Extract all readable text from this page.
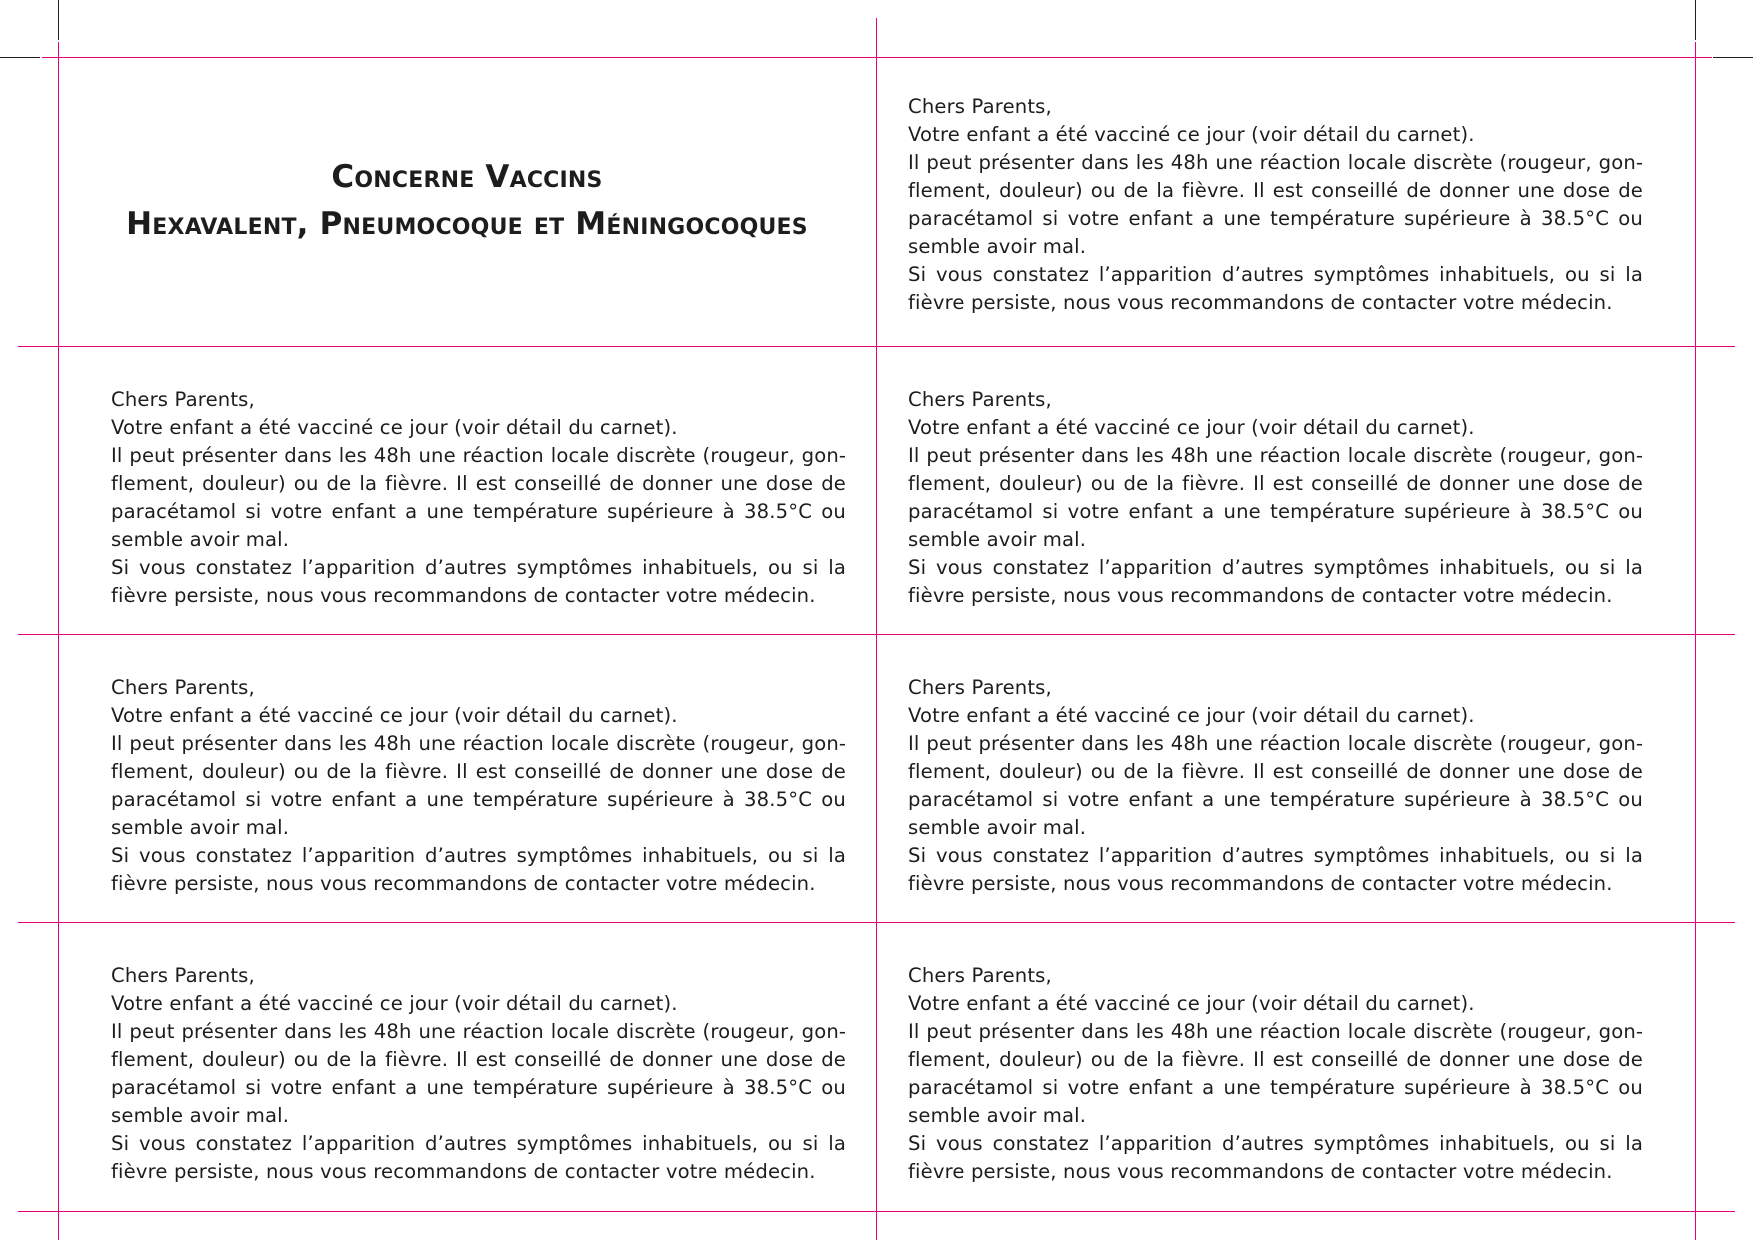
Concerne Vaccins
Hexavalent, Pneumocoque et Méningocoques

Chers Parents,

Votre enfant a été vacciné ce jour (voir détail du carnet).

Il peut présenter dans les 48h une réaction locale discrète (rougeur, gonflement, douleur) ou de la fièvre. Il est conseillé de donner une dose de paracétamol si votre enfant a une température supérieure à 38.5°C ou semble avoir mal.

Si vous constatez l’apparition d’autres symptômes inhabituels, ou si la fièvre persiste, nous vous recommandons de contacter votre médecin.

Chers Parents,

Votre enfant a été vacciné ce jour (voir détail du carnet).

Il peut présenter dans les 48h une réaction locale discrète (rougeur, gonflement, douleur) ou de la fièvre. Il est conseillé de donner une dose de paracétamol si votre enfant a une température supérieure à 38.5°C ou semble avoir mal.

Si vous constatez l’apparition d’autres symptômes inhabituels, ou si la fièvre persiste, nous vous recommandons de contacter votre médecin.

Chers Parents,

Votre enfant a été vacciné ce jour (voir détail du carnet).

Il peut présenter dans les 48h une réaction locale discrète (rougeur, gonflement, douleur) ou de la fièvre. Il est conseillé de donner une dose de paracétamol si votre enfant a une température supérieure à 38.5°C ou semble avoir mal.

Si vous constatez l’apparition d’autres symptômes inhabituels, ou si la fièvre persiste, nous vous recommandons de contacter votre médecin.

Chers Parents,

Votre enfant a été vacciné ce jour (voir détail du carnet).

Il peut présenter dans les 48h une réaction locale discrète (rougeur, gonflement, douleur) ou de la fièvre. Il est conseillé de donner une dose de paracétamol si votre enfant a une température supérieure à 38.5°C ou semble avoir mal.

Si vous constatez l’apparition d’autres symptômes inhabituels, ou si la fièvre persiste, nous vous recommandons de contacter votre médecin.

Chers Parents,

Votre enfant a été vacciné ce jour (voir détail du carnet).

Il peut présenter dans les 48h une réaction locale discrète (rougeur, gonflement, douleur) ou de la fièvre. Il est conseillé de donner une dose de paracétamol si votre enfant a une température supérieure à 38.5°C ou semble avoir mal.

Si vous constatez l’apparition d’autres symptômes inhabituels, ou si la fièvre persiste, nous vous recommandons de contacter votre médecin.

Chers Parents,

Votre enfant a été vacciné ce jour (voir détail du carnet).

Il peut présenter dans les 48h une réaction locale discrète (rougeur, gonflement, douleur) ou de la fièvre. Il est conseillé de donner une dose de paracétamol si votre enfant a une température supérieure à 38.5°C ou semble avoir mal.

Si vous constatez l’apparition d’autres symptômes inhabituels, ou si la fièvre persiste, nous vous recommandons de contacter votre médecin.

Chers Parents,

Votre enfant a été vacciné ce jour (voir détail du carnet).

Il peut présenter dans les 48h une réaction locale discrète (rougeur, gonflement, douleur) ou de la fièvre. Il est conseillé de donner une dose de paracétamol si votre enfant a une température supérieure à 38.5°C ou semble avoir mal.

Si vous constatez l’apparition d’autres symptômes inhabituels, ou si la fièvre persiste, nous vous recommandons de contacter votre médecin.
